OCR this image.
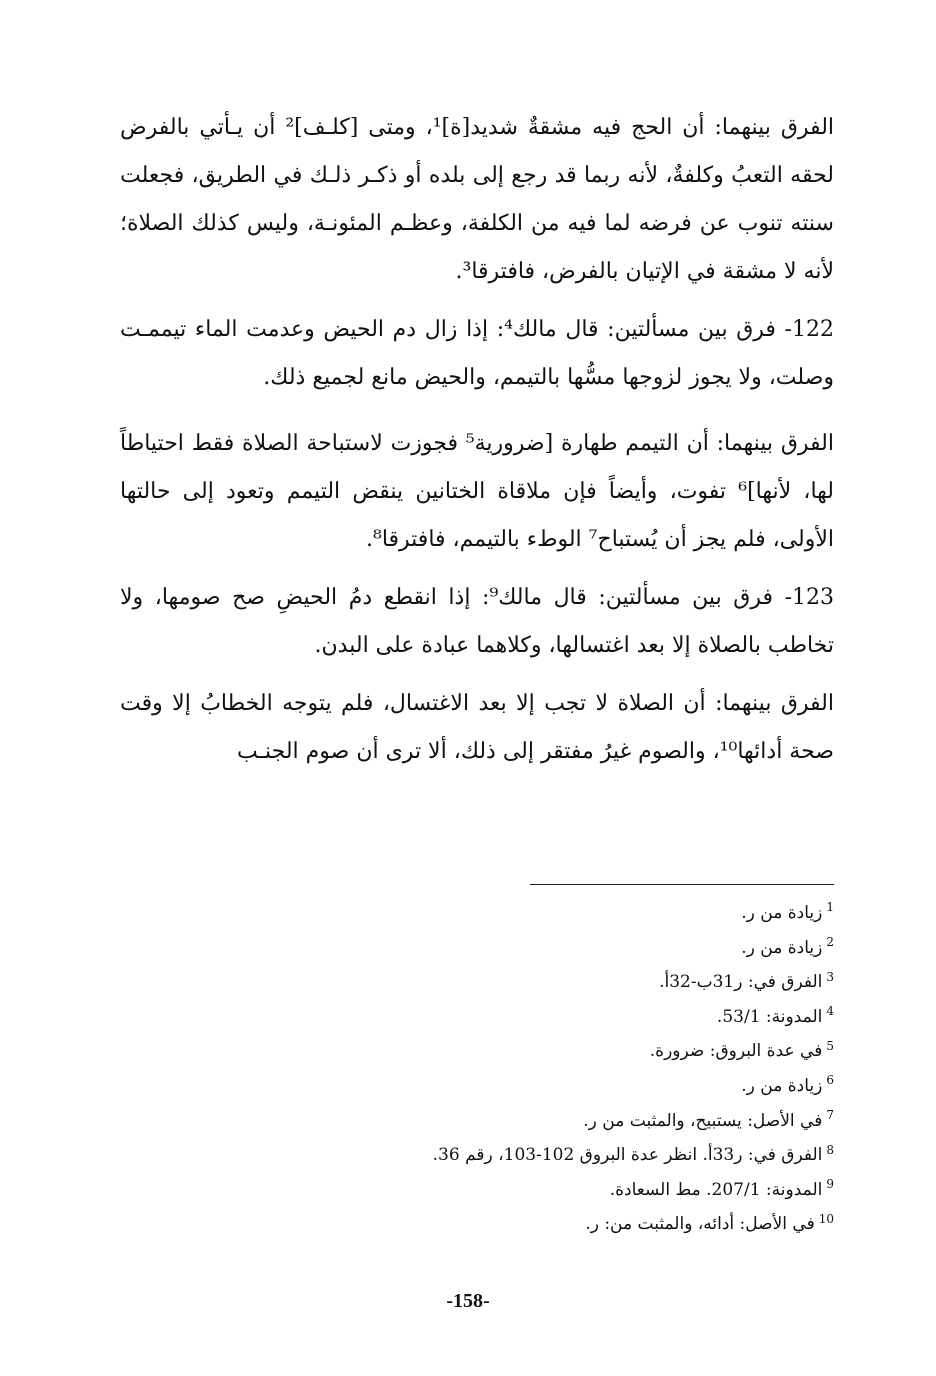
الفرق بينهما: أن الحج فيه مشقةٌ شديد[ة]¹، ومتى [كلـف]² أن يـأتي بالفرض لحقه التعبُ وكلفةٌ، لأنه ربما قد رجع إلى بلده أو ذكـر ذلـك في الطريق، فجعلت سنته تنوب عن فرضه لما فيه من الكلفة، وعظـم المئونـة، وليس كذلك الصلاة؛ لأنه لا مشقة في الإتيان بالفرض، فافترقا³.

122- فرق بين مسألتين: قال مالك⁴: إذا زال دم الحيض وعدمت الماء تيممـت وصلت، ولا يجوز لزوجها مسُّها بالتيمم، والحيض مانع لجميع ذلك.

الفرق بينهما: أن التيمم طهارة [ضرورية⁵ فجوزت لاستباحة الصلاة فقط احتياطاً لها، لأنها]⁶ تفوت، وأيضاً فإن ملاقاة الختانين ينقض التيمم وتعود إلى حالتها الأولى، فلم يجز أن يُستباح⁷ الوطء بالتيمم، فافترقا⁸.

123- فرق بين مسألتين: قال مالك⁹: إذا انقطع دمُ الحيضِ صح صومها، ولا تخاطب بالصلاة إلا بعد اغتسالها، وكلاهما عبادة على البدن.

الفرق بينهما: أن الصلاة لا تجب إلا بعد الاغتسال، فلم يتوجه الخطابُ إلا وقت صحة أدائها¹⁰، والصوم غيرُ مفتقر إلى ذلك، ألا ترى أن صوم الجنـب

$^1$زيادة من ر.
$^2$زيادة من ر.
$^3$الفرق في: ر31ب-32أ.
$^4$المدونة: 53/1.
$^5$في عدة البروق: ضرورة.
$^6$زيادة من ر.
$^7$في الأصل: يستبيح، والمثبت من ر.
$^8$الفرق في: ر33أ. انظر عدة البروق 102-103، رقم 36.
$^9$المدونة: 207/1. مط السعادة.
$^{10}$في الأصل: أدائه، والمثبت من: ر.
-158-
